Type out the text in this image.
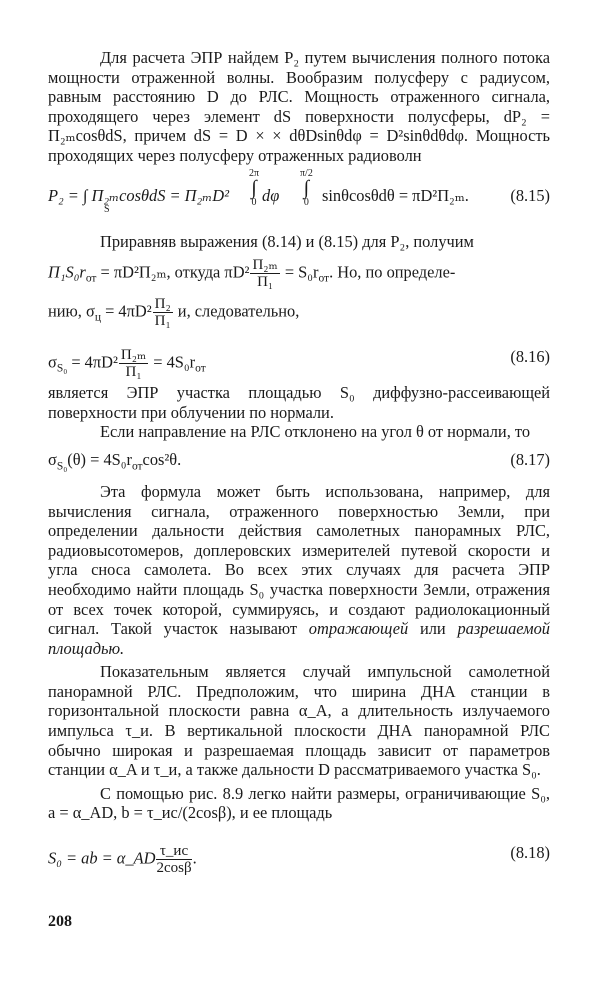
Для расчета ЭПР найдем P₂ путем вычисления полного потока мощности отраженной волны. Вообразим полусферу с радиусом, равным расстоянию D до РЛС. Мощность отраженного сигнала, проходящего через элемент dS поверхности полусферы, dP₂ = Π₂ₘcosθdS, причем dS = D × × dθDsinθdφ = D²sinθdθdφ. Мощность проходящих через полусферу отраженных радиоволн

P₂ = ∫ Π₂ₘcosθdS = Π₂ₘD²
S
2π
∫
0 dφ
π/2
∫
0 sinθcosθdθ = πD²Π₂ₘ.	(8.15)

Приравняв выражения (8.14) и (8.15) для P₂, получим

$\Pi_1S_0r_{от} = \pi D^2\Pi_{2m}$, откуда $\pi D^2 \frac{\text{Π₂ₘ}}{\text{Π₁}} = S_0r_{от}$. Но, по определе-
нию, $\sigma_ц = 4\pi D^2 \frac{\text{Π₂}}{\text{Π₁}} и$, следовательно,
$\sigma_{S_0} = 4\pi D^2 \frac{\text{Π₂ₘ}}{\text{Π₁}} = 4S_0r_{от}$
(8.16)

является ЭПР участка площадью S₀ диффузно-рассеивающей поверхности при облучении по нормали.

Если направление на РЛС отклонено на угол θ от нормали, то

$\sigma_{S_0}(\theta) = 4S_0r_{от}\cos^2\theta$.	(8.17)

Эта формула может быть использована, например, для вычисления сигнала, отраженного поверхностью Земли, при определении дальности действия самолетных панорамных РЛС, радиовысотомеров, доплеровских измерителей путевой скорости и угла сноса самолета. Во всех этих случаях для расчета ЭПР необходимо найти площадь S₀ участка поверхности Земли, отражения от всех точек которой, суммируясь, и создают радиолокационный сигнал. Такой участок называют отражающей или разрешаемой площадью.

Показательным является случай импульсной самолетной панорамной РЛС. Предположим, что ширина ДНА станции в горизонтальной плоскости равна α_A, а длительность излучаемого импульса τ_и. В вертикальной плоскости ДНА панорамной РЛС обычно широкая и разрешаемая площадь зависит от параметров станции α_A и τ_и, а также дальности D рассматриваемого участка S₀.

С помощью рис. 8.9 легко найти размеры, ограничивающие S₀, a = α_AD, b = τ_иc/(2cosβ), и ее площадь

S₀ = ab = α_AD $\frac{\tau\_иc}{2\cos\beta}$ .	(8.18)
208
